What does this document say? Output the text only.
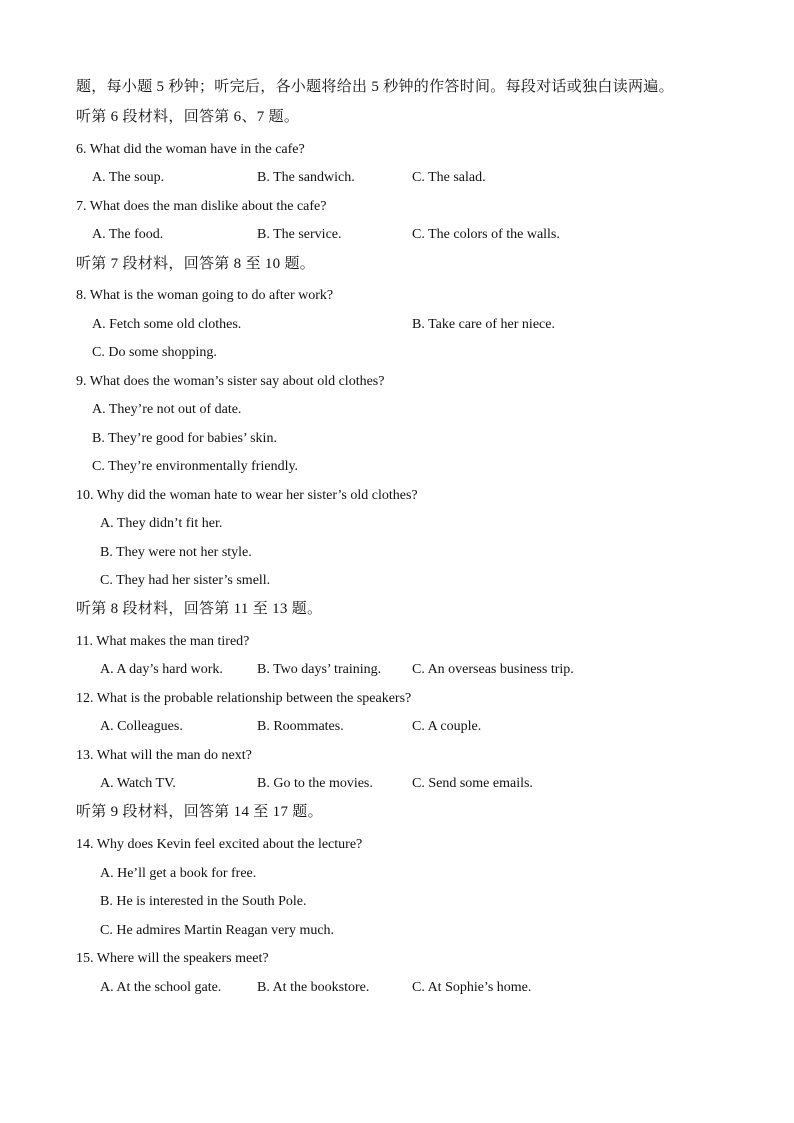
题，每小题 5 秒钟；听完后，各小题将给出 5 秒钟的作答时间。每段对话或独白读两遍。
听第 6 段材料，回答第 6、7 题。
6. What did the woman have in the cafe?
A. The soup.	B. The sandwich.	C. The salad.
7. What does the man dislike about the cafe?
A. The food.	B. The service.	C. The colors of the walls.
听第 7 段材料，回答第 8 至 10 题。
8. What is the woman going to do after work?
A. Fetch some old clothes.	B. Take care of her niece.
C. Do some shopping.
9. What does the woman’s sister say about old clothes?
A. They’re not out of date.
B. They’re good for babies’ skin.
C. They’re environmentally friendly.
10. Why did the woman hate to wear her sister’s old clothes?
A. They didn’t fit her.
B. They were not her style.
C. They had her sister’s smell.
听第 8 段材料，回答第 11 至 13 题。
11. What makes the man tired?
A. A day’s hard work. B. Two days’ training. C. An overseas business trip.
12. What is the probable relationship between the speakers?
A. Colleagues.	B. Roommates.	C. A couple.
13. What will the man do next?
A. Watch TV.	B. Go to the movies.	C. Send some emails.
听第 9 段材料，回答第 14 至 17 题。
14. Why does Kevin feel excited about the lecture?
A. He’ll get a book for free.
B. He is interested in the South Pole.
C. He admires Martin Reagan very much.
15. Where will the speakers meet?
A. At the school gate.	B. At the bookstore.	C. At Sophie’s home.
